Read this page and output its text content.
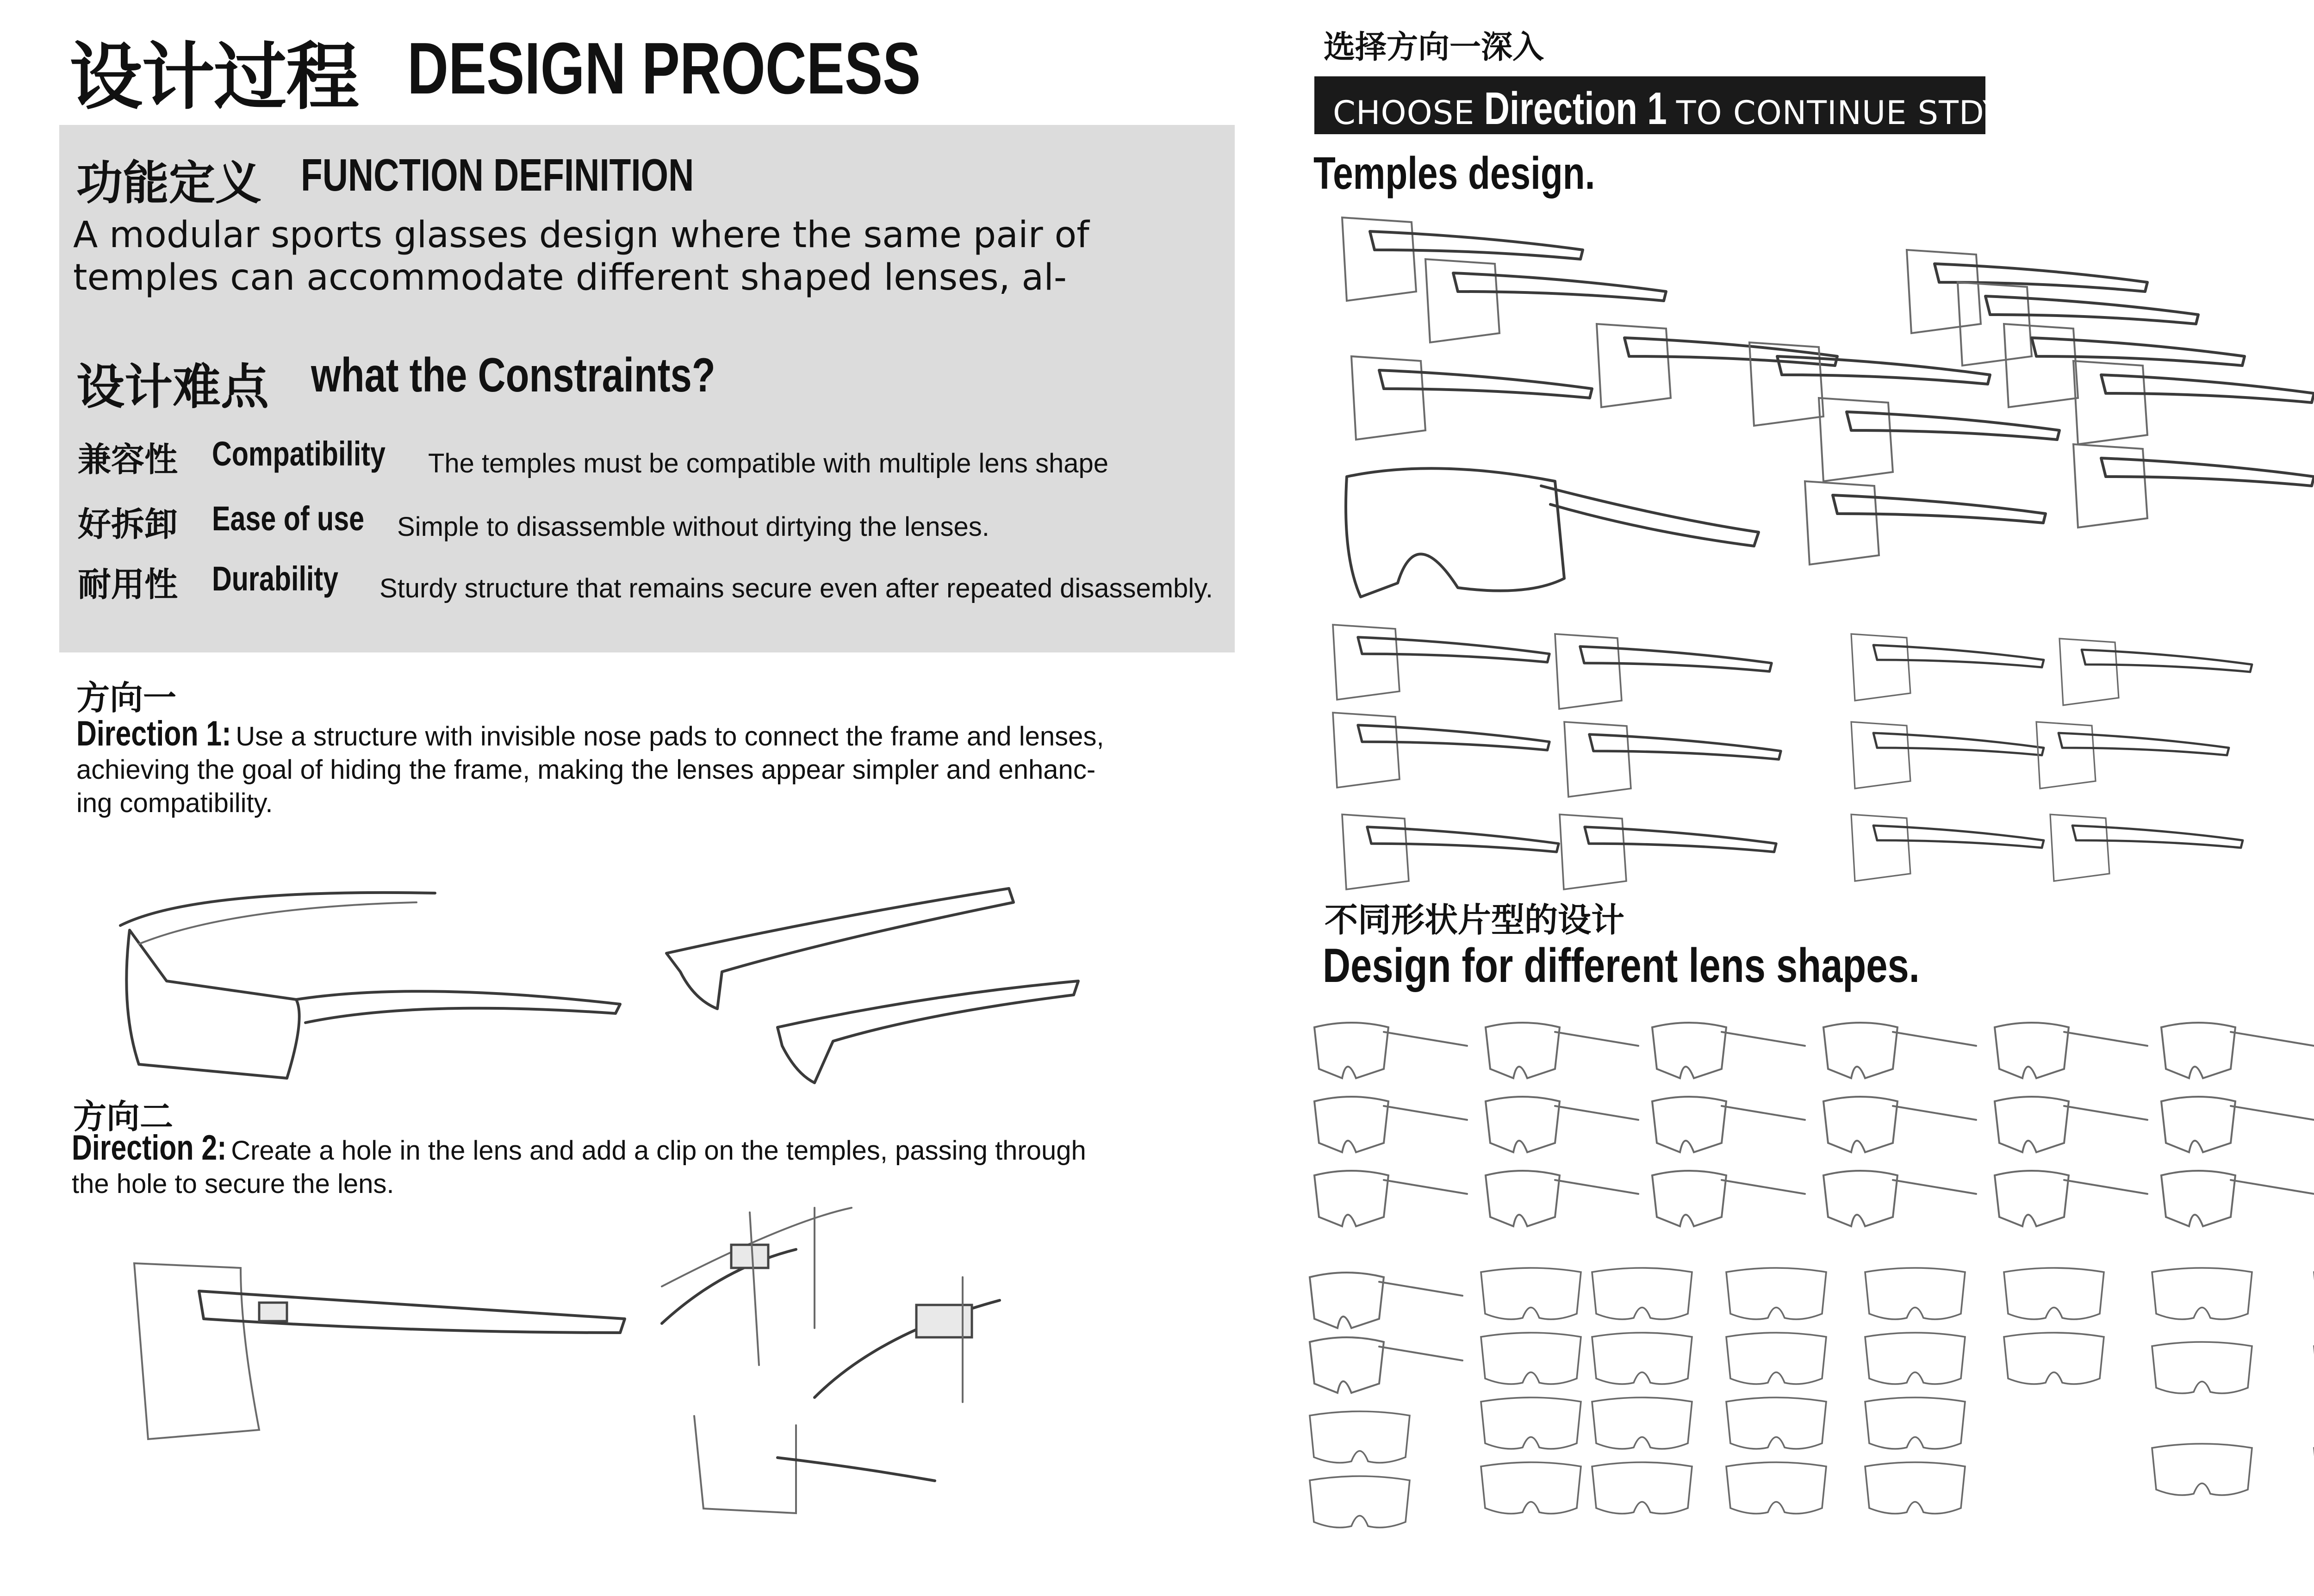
设计过程 DESIGN PROCESS
功能定义 FUNCTION DEFINITION
A modular sports glasses design where the same pair of
temples can accommodate different shaped lenses, al-
设计难点 what the Constraints?
兼容性 Compatibility The temples must be compatible with multiple lens shape
好拆卸 Ease of use Simple to disassemble without dirtying the lenses.
耐用性 Durability Sturdy structure that remains secure even after repeated disassembly.
方向一
Direction 1: Use a structure with invisible nose pads to connect the frame and lenses,
achieving the goal of hiding the frame, making the lenses appear simpler and enhanc-
ing compatibility.
方向二
Direction 2: Create a hole in the lens and add a clip on the temples, passing through
the hole to secure the lens.
选择方向一深入
CHOOSE Direction 1 TO CONTINUE STDY
Temples design.
不同形状片型的设计
Design for different lens shapes.
